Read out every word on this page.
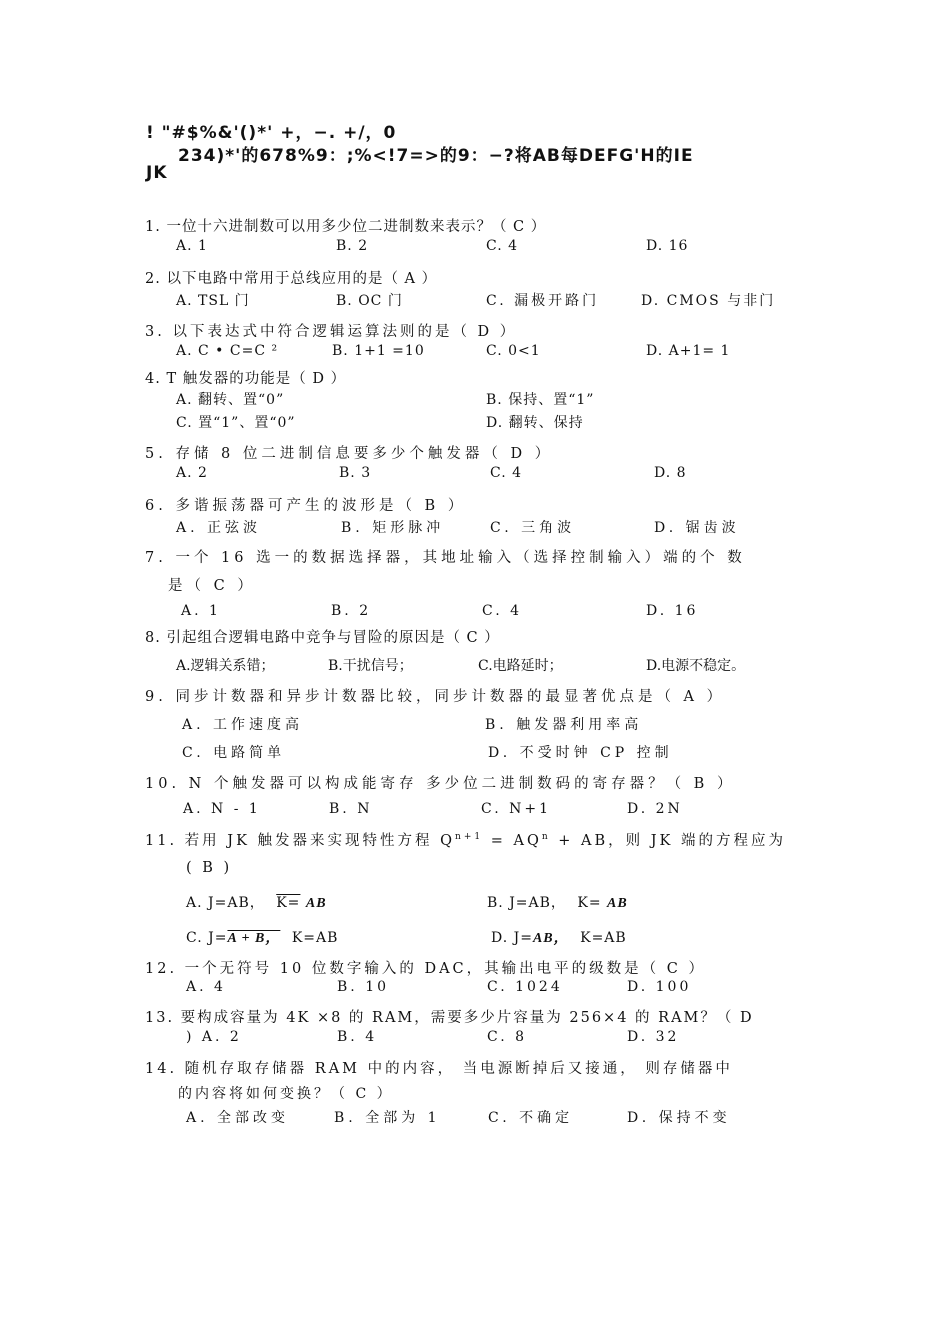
! "#$%&'()*' +，−. +/，0
234)*'的678%9：;%<!7=>的9：−?将AB每DEFG'H的IE
JK
1. 一位十六进制数可以用多少位二进制数来表示？（ C ）
A. 1	B. 2	C. 4	D. 16
2. 以下电路中常用于总线应用的是（ A ）
A. TSL 门	B. OC 门	C. 漏极开路门	D. CMOS 与非门
3. 以下表达式中符合逻辑运算法则的是（ D ）
A. C • C=C ²	B. 1+1 =10	C. 0<1	D. A+1= 1
4. T 触发器的功能是（ D ）
A. 翻转、置“0”	B. 保持、置“1”
C. 置“1”、置“0”	D. 翻转、保持
5. 存储 8 位二进制信息要多少个触发器（ D ）
A. 2	B. 3	C. 4	D. 8
6. 多谐振荡器可产生的波形是（ B ）
A. 正弦波	B. 矩形脉冲	C. 三角波	D. 锯齿波
7. 一个 16 选一的数据选择器，其地址输入（选择控制输入）端的个 数
是（ C ）
A. 1	B. 2	C. 4	D. 16
8. 引起组合逻辑电路中竞争与冒险的原因是（ C ）
A.逻辑关系错；	B.干扰信号；	C.电路延时；	D.电源不稳定。
9. 同步计数器和异步计数器比较，同步计数器的最显著优点是（ A ）
A. 工作速度高	B. 触发器利用率高
C. 电路简单	D. 不受时钟 CP 控制
10. N 个触发器可以构成能寄存 多少位二进制数码的寄存器？（ B ）
A. N - 1	B. N	C. N+1	D. 2N
11. 若用 JK 触发器来实现特性方程 $Q^{n+1} = AQ^n$ + AB，则 JK 端的方程应为
( B )
A. J=AB， K= AB	B. J=AB， K= AB
C. J=A + B， K=AB	D. J=AB， K=AB
12. 一个无符号 10 位数字输入的 DAC，其输出电平的级数是（ C ）
A. 4	B. 10	C. 1024	D. 100
13. 要构成容量为 4K ×8 的 RAM，需要多少片容量为 256×4 的 RAM？（ D
) A. 2	B. 4	C. 8	D. 32
14. 随机存取存储器 RAM 中的内容， 当电源断掉后又接通， 则存储器中
的内容将如何变换？（ C ）
A. 全部改变	B. 全部为 1	C. 不确定	D. 保持不变
